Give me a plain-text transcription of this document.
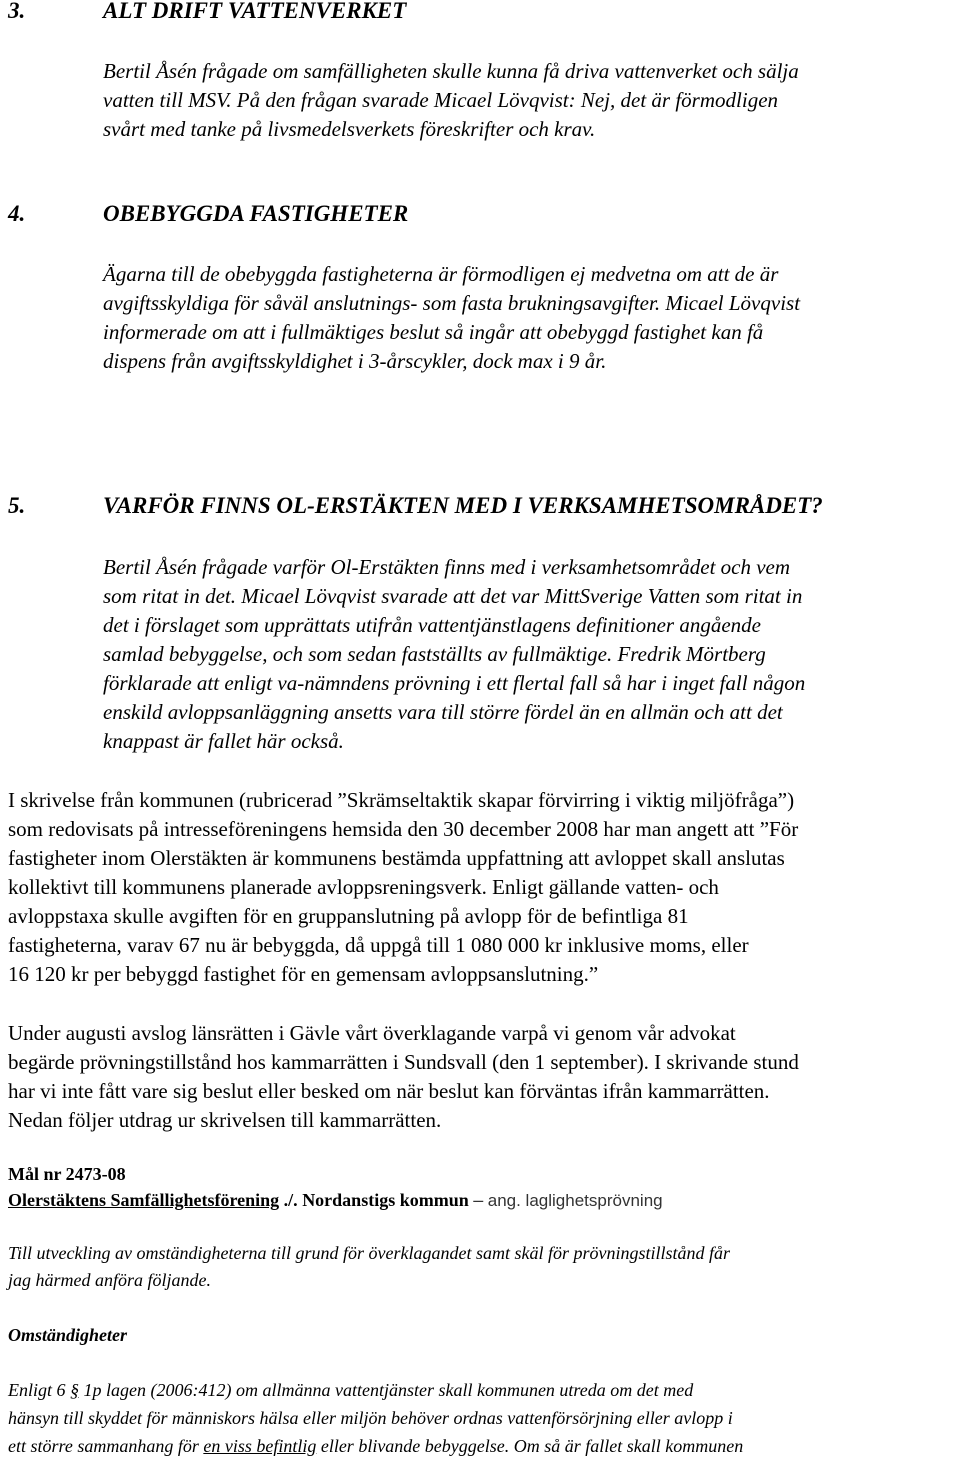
3.	ALT DRIFT VATTENVERKET

Bertil Åsén frågade om samfälligheten skulle kunna få driva vattenverket och sälja
vatten till MSV. På den frågan svarade Micael Lövqvist: Nej, det är förmodligen
svårt med tanke på livsmedelsverkets föreskrifter och krav.

4.	OBEBYGGDA FASTIGHETER

Ägarna till de obebyggda fastigheterna är förmodligen ej medvetna om att de är
avgiftsskyldiga för såväl anslutnings- som fasta brukningsavgifter. Micael Lövqvist
informerade om att i fullmäktiges beslut så ingår att obebyggd fastighet kan få
dispens från avgiftsskyldighet i 3-årscykler, dock max i 9 år.

5.	VARFÖR FINNS OL-ERSTÄKTEN MED I VERKSAMHETSOMRÅDET?

Bertil Åsén frågade varför Ol-Erstäkten finns med i verksamhetsområdet och vem
som ritat in det. Micael Lövqvist svarade att det var MittSverige Vatten som ritat in
det i förslaget som upprättats utifrån vattentjänstlagens definitioner angående
samlad bebyggelse, och som sedan fastställts av fullmäktige. Fredrik Mörtberg
förklarade att enligt va-nämndens prövning i ett flertal fall så har i inget fall någon
enskild avloppsanläggning ansetts vara till större fördel än en allmän och att det
knappast är fallet här också.

I skrivelse från kommunen (rubricerad ”Skrämseltaktik skapar förvirring i viktig miljöfråga”)
som redovisats på intresseföreningens hemsida den 30 december 2008 har man angett att ”För
fastigheter inom Olerstäkten är kommunens bestämda uppfattning att avloppet skall anslutas
kollektivt till kommunens planerade avloppsreningsverk. Enligt gällande vatten- och
avloppstaxa skulle avgiften för en gruppanslutning på avlopp för de befintliga 81
fastigheterna, varav 67 nu är bebyggda, då uppgå till 1 080 000 kr inklusive moms, eller
16 120 kr per bebyggd fastighet för en gemensam avloppsanslutning.”

Under augusti avslog länsrätten i Gävle vårt överklagande varpå vi genom vår advokat
begärde prövningstillstånd hos kammarrätten i Sundsvall (den 1 september). I skrivande stund
har vi inte fått vare sig beslut eller besked om när beslut kan förväntas ifrån kammarrätten.
Nedan följer utdrag ur skrivelsen till kammarrätten.

Mål nr 2473-08
Olerstäktens Samfällighetsförening ./. Nordanstigs kommun – ang. laglighetsprövning

Till utveckling av omständigheterna till grund för överklagandet samt skäl för prövningstillstånd får
jag härmed anföra följande.

Omständigheter

Enligt 6 § 1p lagen (2006:412) om allmänna vattentjänster skall kommunen utreda om det med
hänsyn till skyddet för människors hälsa eller miljön behöver ordnas vattenförsörjning eller avlopp i
ett större sammanhang för en viss befintlig eller blivande bebyggelse. Om så är fallet skall kommunen
